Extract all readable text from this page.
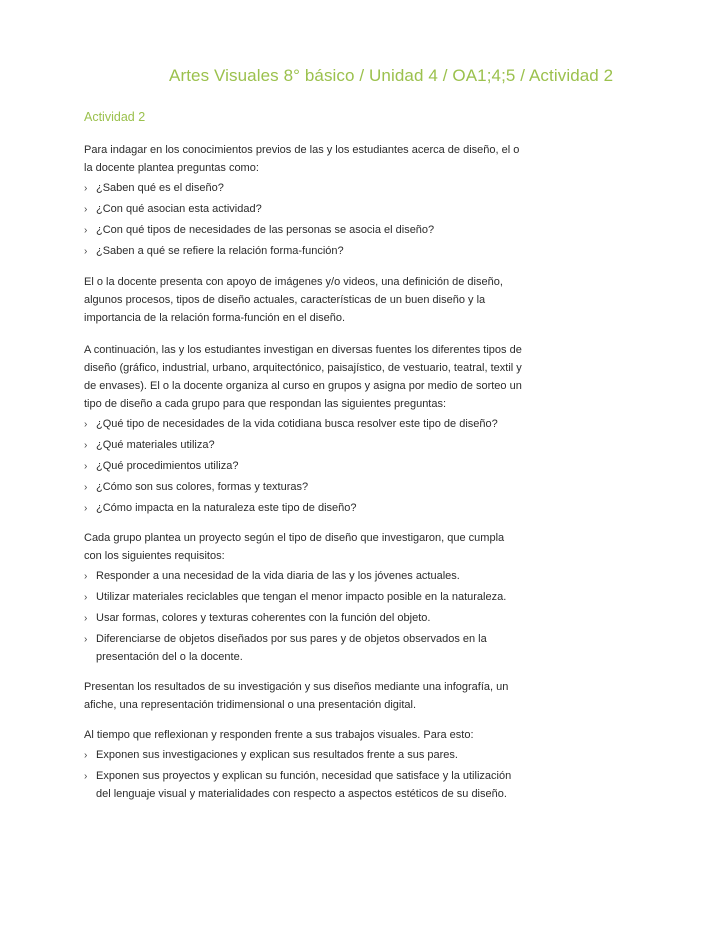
Artes Visuales 8° básico / Unidad 4 / OA1;4;5 / Actividad 2
Actividad 2

Para indagar en los conocimientos previos de las y los estudiantes acerca de diseño, el o la docente plantea preguntas como:

› ¿Saben qué es el diseño?
› ¿Con qué asocian esta actividad?
› ¿Con qué tipos de necesidades de las personas se asocia el diseño?
› ¿Saben a qué se refiere la relación forma-función?

El o la docente presenta con apoyo de imágenes y/o videos, una definición de diseño, algunos procesos, tipos de diseño actuales, características de un buen diseño y la importancia de la relación forma-función en el diseño.

A continuación, las y los estudiantes investigan en diversas fuentes los diferentes tipos de diseño (gráfico, industrial, urbano, arquitectónico, paisajístico, de vestuario, teatral, textil y de envases). El o la docente organiza al curso en grupos y asigna por medio de sorteo un tipo de diseño a cada grupo para que respondan las siguientes preguntas:

› ¿Qué tipo de necesidades de la vida cotidiana busca resolver este tipo de diseño?
› ¿Qué materiales utiliza?
› ¿Qué procedimientos utiliza?
› ¿Cómo son sus colores, formas y texturas?
› ¿Cómo impacta en la naturaleza este tipo de diseño?

Cada grupo plantea un proyecto según el tipo de diseño que investigaron, que cumpla con los siguientes requisitos:

› Responder a una necesidad de la vida diaria de las y los jóvenes actuales.
› Utilizar materiales reciclables que tengan el menor impacto posible en la naturaleza.
› Usar formas, colores y texturas coherentes con la función del objeto.
› Diferenciarse de objetos diseñados por sus pares y de objetos observados en la presentación del o la docente.

Presentan los resultados de su investigación y sus diseños mediante una infografía, un afiche, una representación tridimensional o una presentación digital.

Al tiempo que reflexionan y responden frente a sus trabajos visuales. Para esto:

› Exponen sus investigaciones y explican sus resultados frente a sus pares.
› Exponen sus proyectos y explican su función, necesidad que satisface y la utilización del lenguaje visual y materialidades con respecto a aspectos estéticos de su diseño.
